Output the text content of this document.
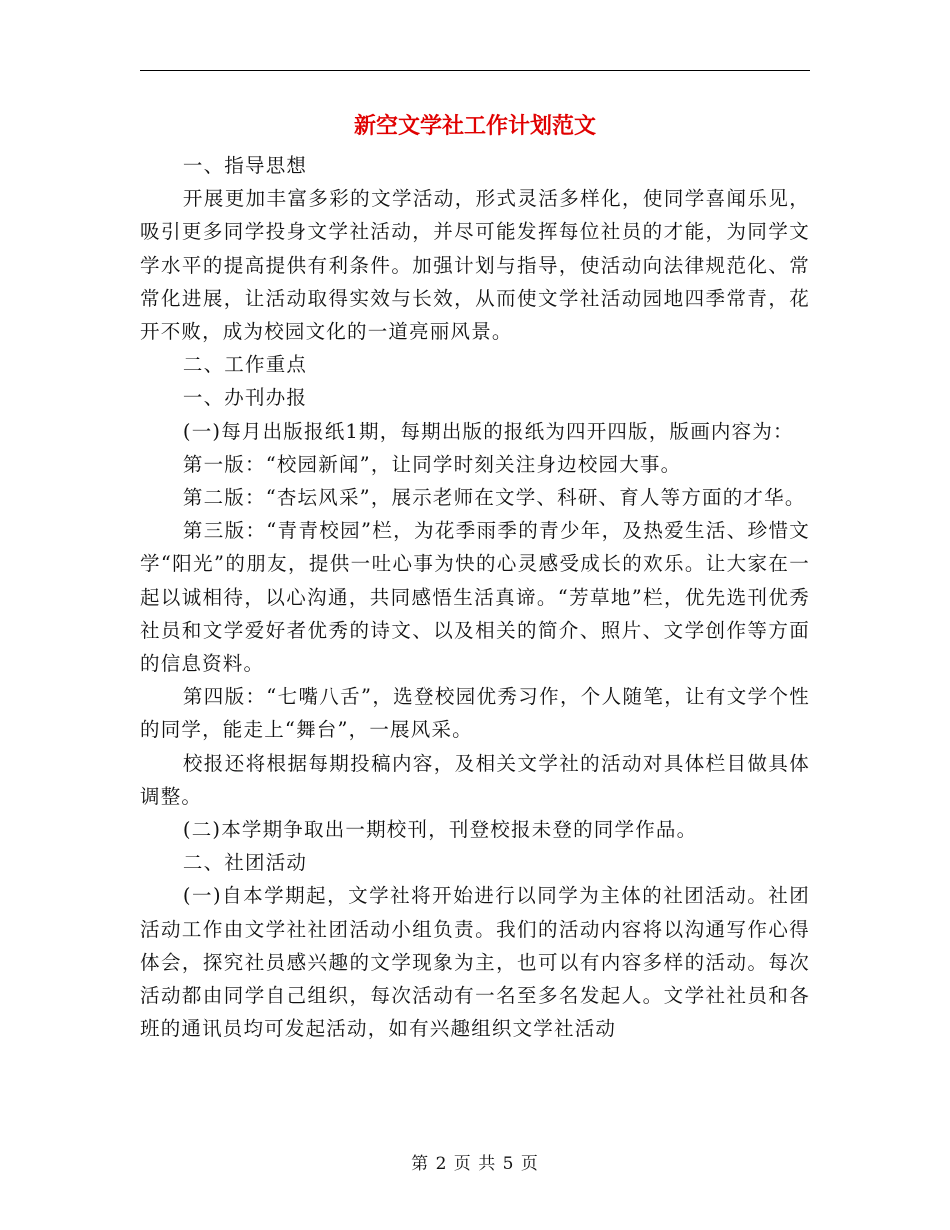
新空文学社工作计划范文

一、指导思想

开展更加丰富多彩的文学活动，形式灵活多样化，使同学喜闻乐见，吸引更多同学投身文学社活动，并尽可能发挥每位社员的才能，为同学文学水平的提高提供有利条件。加强计划与指导，使活动向法律规范化、常常化进展，让活动取得实效与长效，从而使文学社活动园地四季常青，花开不败，成为校园文化的一道亮丽风景。

二、工作重点

一、办刊办报

(一)每月出版报纸1期，每期出版的报纸为四开四版，版画内容为：

第一版：“校园新闻”，让同学时刻关注身边校园大事。

第二版：“杏坛风采”，展示老师在文学、科研、育人等方面的才华。

第三版：“青青校园”栏，为花季雨季的青少年，及热爱生活、珍惜文学“阳光”的朋友，提供一吐心事为快的心灵感受成长的欢乐。让大家在一起以诚相待，以心沟通，共同感悟生活真谛。“芳草地”栏，优先选刊优秀社员和文学爱好者优秀的诗文、以及相关的简介、照片、文学创作等方面的信息资料。

第四版：“七嘴八舌”，选登校园优秀习作，个人随笔，让有文学个性的同学，能走上“舞台”，一展风采。

校报还将根据每期投稿内容，及相关文学社的活动对具体栏目做具体调整。

(二)本学期争取出一期校刊，刊登校报未登的同学作品。

二、社团活动

(一)自本学期起，文学社将开始进行以同学为主体的社团活动。社团活动工作由文学社社团活动小组负责。我们的活动内容将以沟通写作心得体会，探究社员感兴趣的文学现象为主，也可以有内容多样的活动。每次活动都由同学自己组织，每次活动有一名至多名发起人。文学社社员和各班的通讯员均可发起活动，如有兴趣组织文学社活动

第 2 页 共 5 页
